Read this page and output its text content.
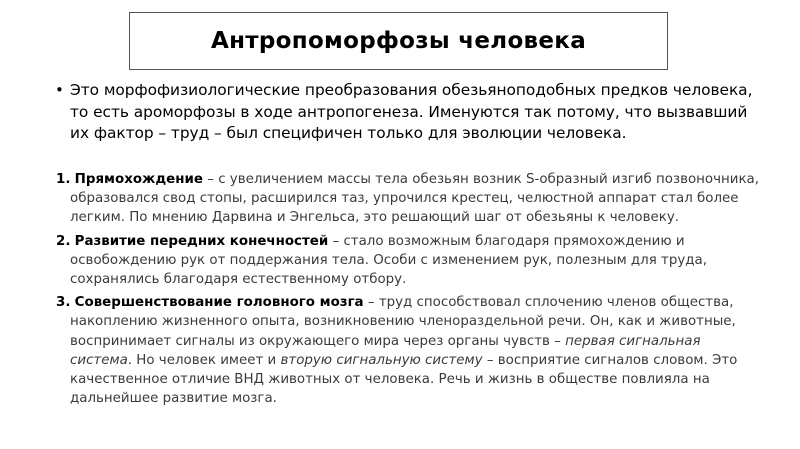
Антропоморфозы человека
• Это морфофизиологические преобразования обезьяноподобных предков человека, то есть ароморфозы в ходе антропогенеза. Именуются так потому, что вызвавший их фактор – труд – был специфичен только для эволюции человека.
1. Прямохождение – с увеличением массы тела обезьян возник S-образный изгиб позвоночника, образовался свод стопы, расширился таз, упрочился крестец, челюстной аппарат стал более легким. По мнению Дарвина и Энгельса, это решающий шаг от обезьяны к человеку.
2. Развитие передних конечностей – стало возможным благодаря прямохождению и освобождению рук от поддержания тела. Особи с изменением рук, полезным для труда, сохранялись благодаря естественному отбору.
3. Совершенствование головного мозга – труд способствовал сплочению членов общества, накоплению жизненного опыта, возникновению членораздельной речи. Он, как и животные, воспринимает сигналы из окружающего мира через органы чувств – первая сигнальная система. Но человек имеет и вторую сигнальную систему – восприятие сигналов словом. Это качественное отличие ВНД животных от человека. Речь и жизнь в обществе повлияла на дальнейшее развитие мозга.
